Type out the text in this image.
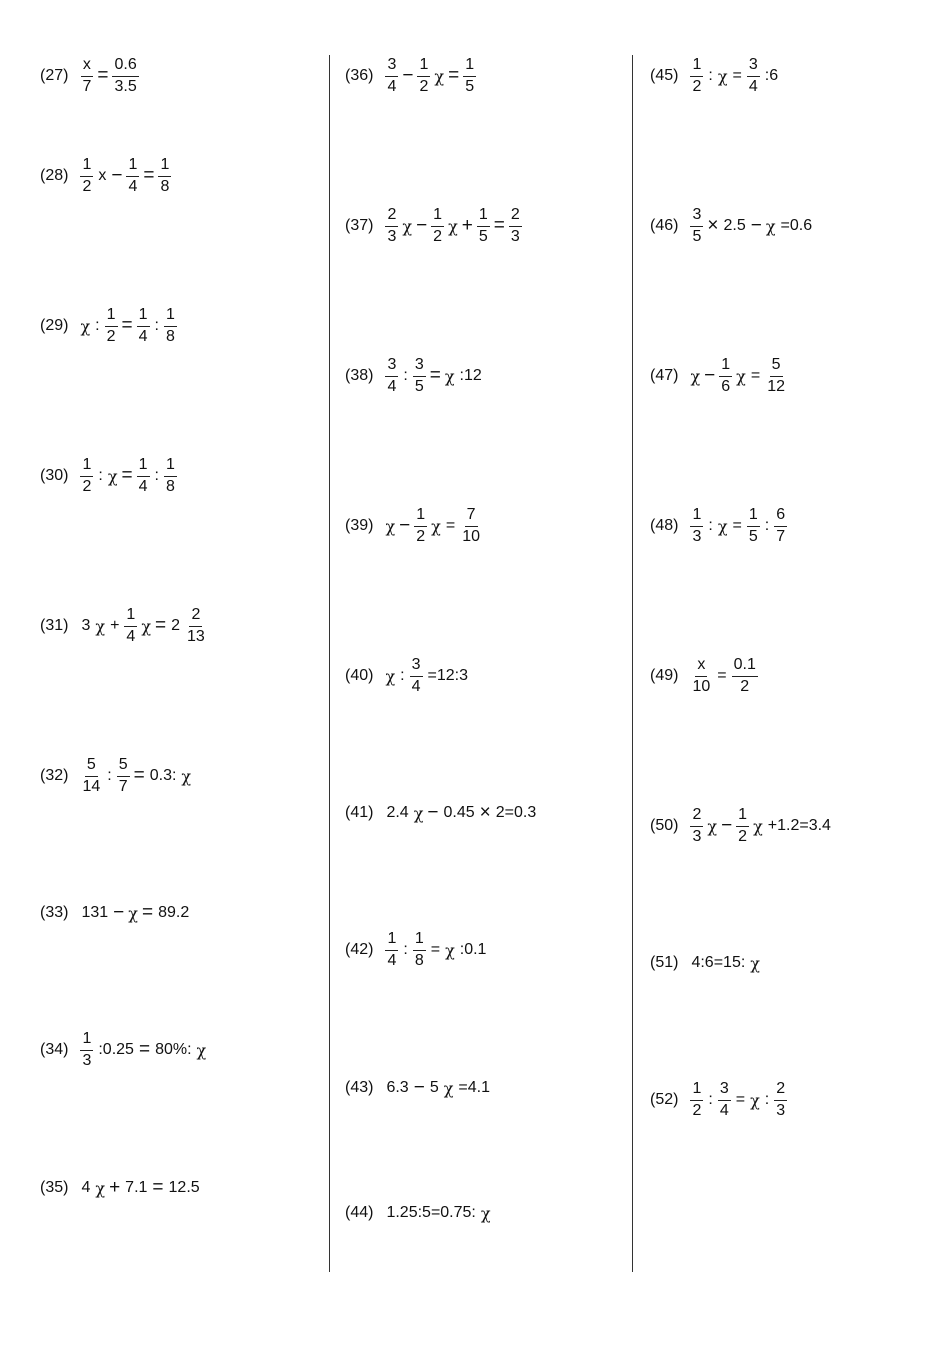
$(27) \frac{x}{7} = \frac{0.6}{3.5}$
$(28) \frac{1}{2}$ $x - \frac{1}{4} = \frac{1}{8}$
(29) χ : $\frac{1}{2} = \frac{1}{4}$ : $\frac{1}{8}$
$(30) \frac{1}{2}$ : $\chi = \frac{1}{4}$ : $\frac{1}{8}$
(31) 3 $\chi + \frac{1}{4}$ $\chi = 2 \frac{2}{13}$
$(32) \frac{5}{14}$ : $\frac{5}{7} = 0.3$: χ
(33) 131 − χ = 89.2
$(34) \frac{1}{3}$ :0.25 = 80%: χ
(35) 4 χ + 7.1 = 12.5
$(36) \frac{3}{4} - \frac{1}{2}$ $\chi = \frac{1}{5}$
$(37) \frac{2}{3}$ $\chi - \frac{1}{2}$ $\chi + \frac{1}{5} = \frac{2}{3}$
$(38) \frac{3}{4}$ : $\frac{3}{5} = \chi$ :12
(39) $\chi - \frac{1}{2}$ $\chi = \frac{7}{10}$
(40) χ : $\frac{3}{4}$ =12:3
(41) 2.4 χ − 0.45 × 2=0.3
$(42) \frac{1}{4}$ : $\frac{1}{8} = \chi$ :0.1
(43) 6.3 − 5 χ =4.1
(44) 1.25:5=0.75: χ
$(45) \frac{1}{2}$ : $\chi = \frac{3}{4}$ :6
$(46) \frac{3}{5} \times 2.5 - \chi =0.6$
(47) $\chi - \frac{1}{6}$ $\chi = \frac{5}{12}$
$(48) \frac{1}{3}$ : $\chi = \frac{1}{5}$ : $\frac{6}{7}$
$(49) \frac{x}{10} = \frac{0.1}{2}$
$(50) \frac{2}{3}$ $\chi - \frac{1}{2}$ χ +1.2=3.4
(51) 4:6=15: χ
$(52) \frac{1}{2}$ : $\frac{3}{4} = \chi$ : $\frac{2}{3}$
